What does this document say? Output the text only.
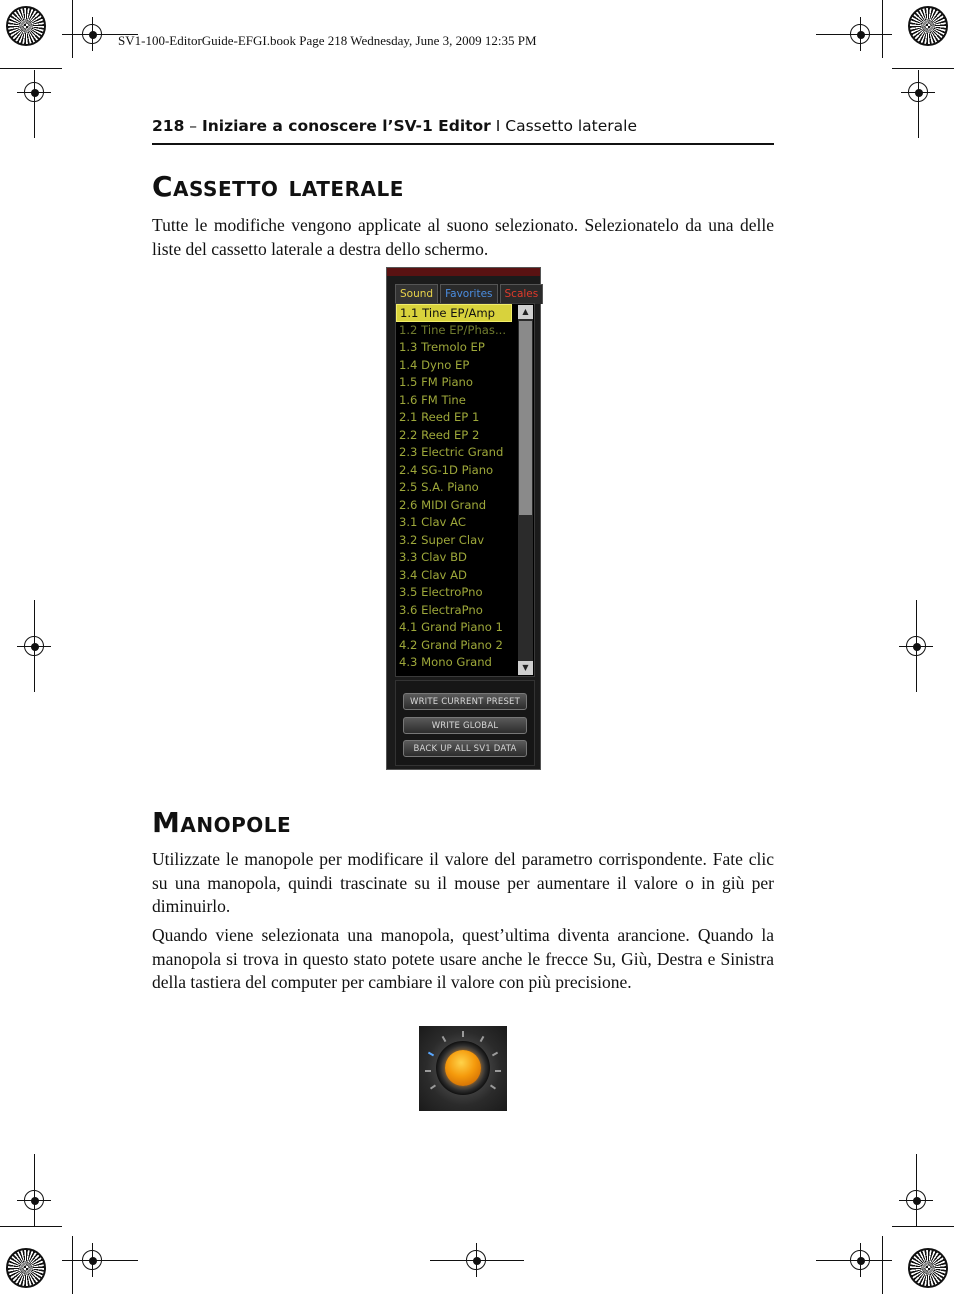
SV1-100-EditorGuide-EFGI.book Page 218 Wednesday, June 3, 2009 12:35 PM
218 – Iniziare a conoscere l’SV-1 Editor I Cassetto laterale
Cassetto laterale
Tutte le modifiche vengono applicate al suono selezionato. Selezionatelo da una delle liste del cassetto laterale a destra dello schermo.
Sound	Favorites	Scales
1.1 Tine EP/Amp
1.2 Tine EP/Phas...
1.3 Tremolo EP
1.4 Dyno EP
1.5 FM Piano
1.6 FM Tine
2.1 Reed EP 1
2.2 Reed EP 2
2.3 Electric Grand
2.4 SG-1D Piano
2.5 S.A. Piano
2.6 MIDI Grand
3.1 Clav AC
3.2 Super Clav
3.3 Clav BD
3.4 Clav AD
3.5 ElectroPno
3.6 ElectraPno
4.1 Grand Piano 1
4.2 Grand Piano 2
4.3 Mono Grand
▲
▼
WRITE CURRENT PRESET
WRITE GLOBAL
BACK UP ALL SV1 DATA
Manopole
Utilizzate le manopole per modificare il valore del parametro corrispondente. Fate clic su una manopola, quindi trascinate su il mouse per aumentare il valore o in giù per diminuirlo.
Quando viene selezionata una manopola, quest’ultima diventa arancione. Quando la manopola si trova in questo stato potete usare anche le frecce Su, Giù, Destra e Sinistra della tastiera del computer per cambiare il valore con più precisione.
